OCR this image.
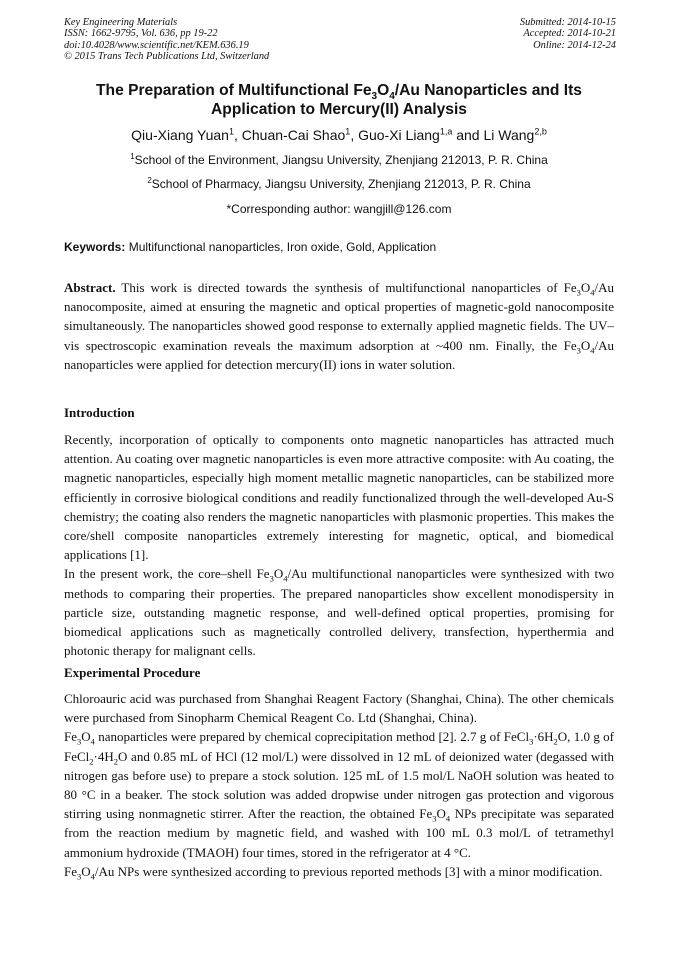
Key Engineering Materials
ISSN: 1662-9795, Vol. 636, pp 19-22
doi:10.4028/www.scientific.net/KEM.636.19
© 2015 Trans Tech Publications Ltd, Switzerland
Submitted: 2014-10-15
Accepted: 2014-10-21
Online: 2014-12-24
The Preparation of Multifunctional $Fe_3O_4/Au$ Nanoparticles and Its
Application to Mercury(II) Analysis
Qiu-Xiang Yuan$^1$, Chuan-Cai Shao$^1$, Guo-Xi Liang$^{1,a}$ and Li Wang$^{2,b}$
$^1$School of the Environment, Jiangsu University, Zhenjiang 212013, P. R. China
$^2$School of Pharmacy, Jiangsu University, Zhenjiang 212013, P. R. China
*Corresponding author: wangjill@126.com
Keywords: Multifunctional nanoparticles, Iron oxide, Gold, Application

Abstract. This work is directed towards the synthesis of multifunctional nanoparticles of $Fe_3O_4/Au$ nanocomposite, aimed at ensuring the magnetic and optical properties of magnetic-gold nanocomposite simultaneously. The nanoparticles showed good response to externally applied magnetic fields. The UV–vis spectroscopic examination reveals the maximum adsorption at ~400 nm. Finally, the $Fe_3O_4/Au$ nanoparticles were applied for detection mercury(II) ions in water solution.

Introduction

Recently, incorporation of optically to components onto magnetic nanoparticles has attracted much attention. Au coating over magnetic nanoparticles is even more attractive composite: with Au coating, the magnetic nanoparticles, especially high moment metallic magnetic nanoparticles, can be stabilized more efficiently in corrosive biological conditions and readily functionalized through the well-developed Au-S chemistry; the coating also renders the magnetic nanoparticles with plasmonic properties. This makes the core/shell composite nanoparticles extremely interesting for magnetic, optical, and biomedical applications [1].

In the present work, the core–shell $Fe_3O_4/Au$ multifunctional nanoparticles were synthesized with two methods to comparing their properties. The prepared nanoparticles show excellent monodispersity in particle size, outstanding magnetic response, and well-defined optical properties, promising for biomedical applications such as magnetically controlled delivery, transfection, hyperthermia and photonic therapy for malignant cells.

Experimental Procedure

Chloroauric acid was purchased from Shanghai Reagent Factory (Shanghai, China). The other chemicals were purchased from Sinopharm Chemical Reagent Co. Ltd (Shanghai, China).

$Fe_3O_4$ nanoparticles were prepared by chemical coprecipitation method [2]. 2.7 g of $FeCl_3\cdot 6H_2O$, 1.0 g of $FeCl_2\cdot 4H_2O$ and 0.85 mL of HCl (12 mol/L) were dissolved in 12 mL of deionized water (degassed with nitrogen gas before use) to prepare a stock solution. 125 mL of 1.5 mol/L NaOH solution was heated to 80 °C in a beaker. The stock solution was added dropwise under nitrogen gas protection and vigorous stirring using nonmagnetic stirrer. After the reaction, the obtained $Fe_3O_4$ NPs precipitate was separated from the reaction medium by magnetic field, and washed with 100 mL 0.3 mol/L of tetramethyl ammonium hydroxide (TMAOH) four times, stored in the refrigerator at 4 °C.

$Fe_3O_4/Au$ NPs were synthesized according to previous reported methods [3] with a minor modification.
